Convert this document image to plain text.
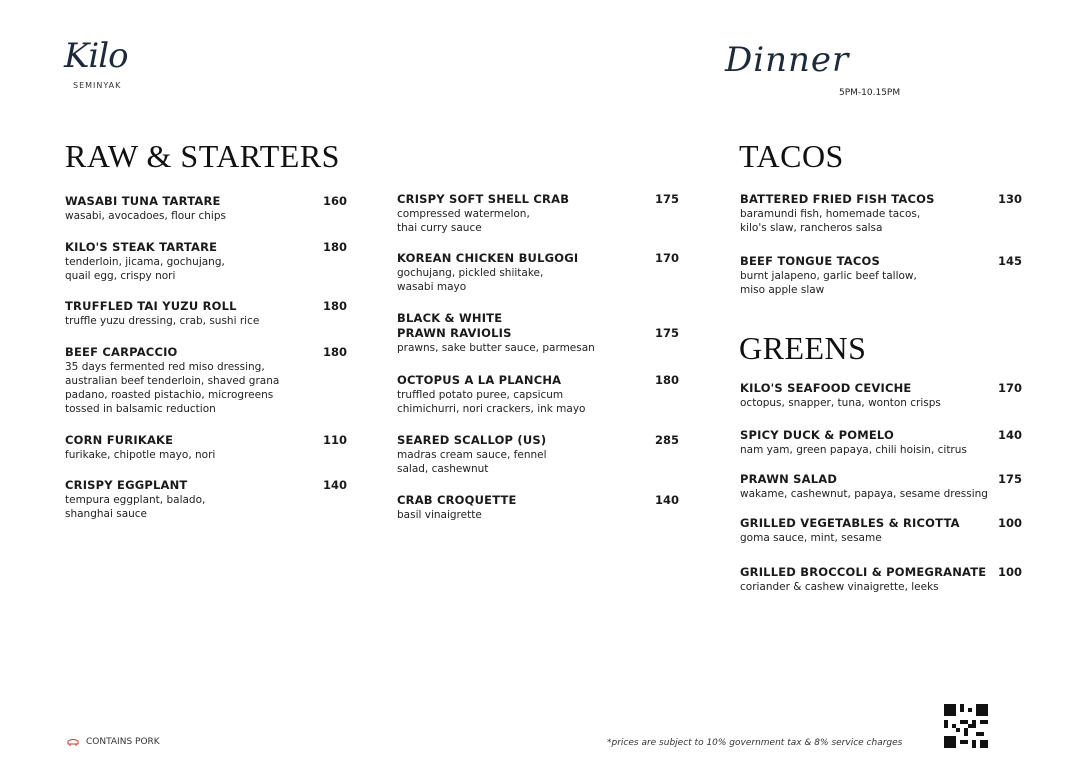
Kilo
SEMINYAK
Dinner
5PM-10.15PM
RAW & STARTERS	TACOS
GREENS
WASABI TUNA TARTARE	160
wasabi, avocadoes, flour chips
KILO'S STEAK TARTARE	180
tenderloin, jicama, gochujang,
quail egg, crispy nori
TRUFFLED TAI YUZU ROLL	180
truffle yuzu dressing, crab, sushi rice
BEEF CARPACCIO	180
35 days fermented red miso dressing,
australian beef tenderloin, shaved grana
padano, roasted pistachio, microgreens
tossed in balsamic reduction
CORN FURIKAKE	110
furikake, chipotle mayo, nori
CRISPY EGGPLANT	140
tempura eggplant, balado,
shanghai sauce
CRISPY SOFT SHELL CRAB	175
compressed watermelon,
thai curry sauce
KOREAN CHICKEN BULGOGI	170
gochujang, pickled shiitake,
wasabi mayo
BLACK & WHITE
PRAWN RAVIOLIS	175
prawns, sake butter sauce, parmesan
OCTOPUS A LA PLANCHA	180
truffled potato puree, capsicum
chimichurri, nori crackers, ink mayo
SEARED SCALLOP (US)	285
madras cream sauce, fennel
salad, cashewnut
CRAB CROQUETTE	140
basil vinaigrette
BATTERED FRIED FISH TACOS	130
baramundi fish, homemade tacos,
kilo's slaw, rancheros salsa
BEEF TONGUE TACOS	145
burnt jalapeno, garlic beef tallow,
miso apple slaw
KILO'S SEAFOOD CEVICHE	170
octopus, snapper, tuna, wonton crisps
SPICY DUCK & POMELO	140
nam yam, green papaya, chili hoisin, citrus
PRAWN SALAD	175
wakame, cashewnut, papaya, sesame dressing
GRILLED VEGETABLES & RICOTTA	100
goma sauce, mint, sesame
GRILLED BROCCOLI & POMEGRANATE	100
coriander & cashew vinaigrette, leeks
CONTAINS PORK	*prices are subject to 10% government tax & 8% service charges
